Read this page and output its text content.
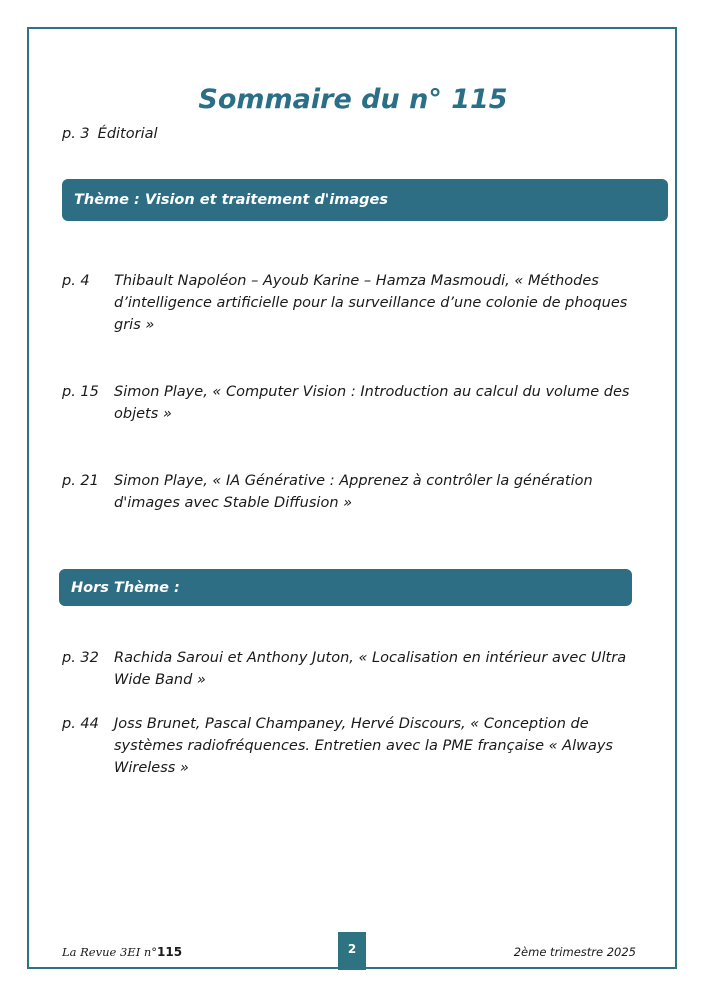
Sommaire du n° 115
p. 3 Éditorial
Thème : Vision et traitement d'images
p. 4 Thibault Napoléon – Ayoub Karine – Hamza Masmoudi, « Méthodes d’intelligence artificielle pour la surveillance d’une colonie de phoques gris »
p. 15 Simon Playe, « Computer Vision : Introduction au calcul du volume des objets »
p. 21 Simon Playe, « IA Générative : Apprenez à contrôler la génération d'images avec Stable Diffusion »
Hors Thème :
p. 32 Rachida Saroui et Anthony Juton, « Localisation en intérieur avec Ultra Wide Band »
p. 44 Joss Brunet, Pascal Champaney, Hervé Discours, « Conception de systèmes radiofréquences. Entretien avec la PME française « Always Wireless »
La Revue 3EI n°115	2	2ème trimestre 2025
